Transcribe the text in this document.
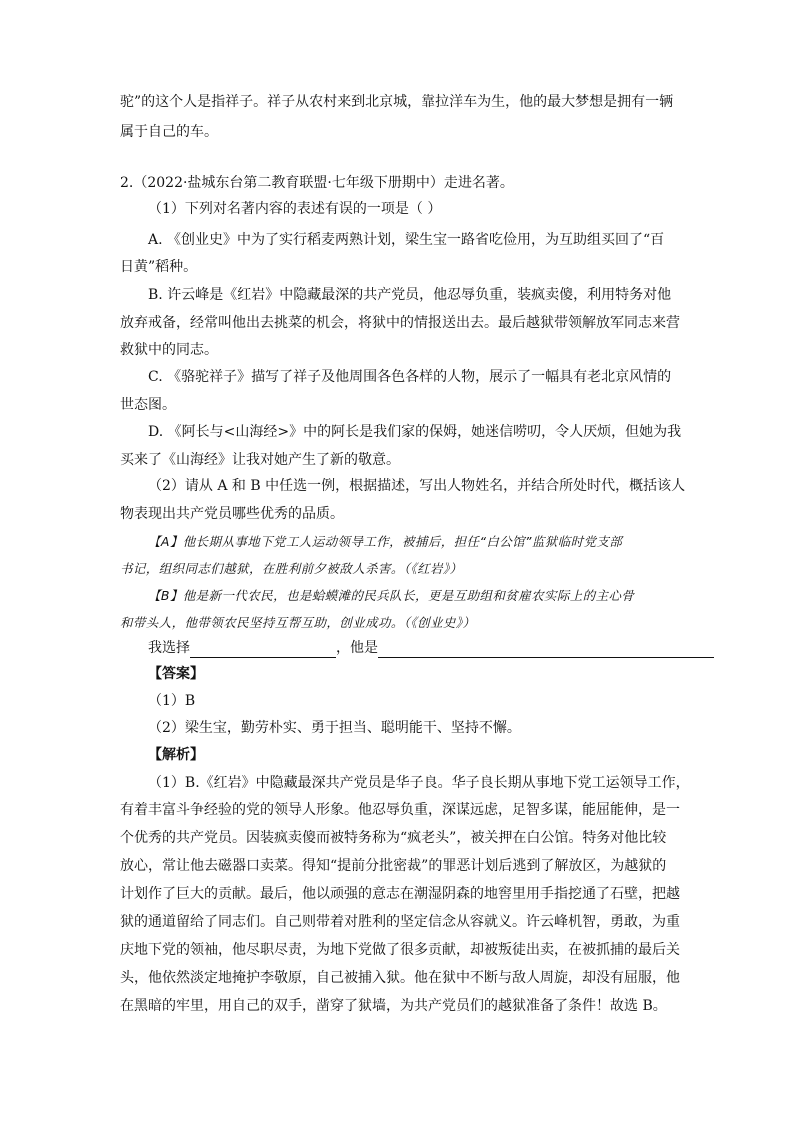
驼”的这个人是指祥子。祥子从农村来到北京城，靠拉洋车为生，他的最大梦想是拥有一辆
属于自己的车。
2.（2022·盐城东台第二教育联盟·七年级下册期中）走进名著。
（1）下列对名著内容的表述有误的一项是（ ）
A. 《创业史》中为了实行稻麦两熟计划，梁生宝一路省吃俭用，为互助组买回了“百
日黄”稻种。
B. 许云峰是《红岩》中隐藏最深的共产党员，他忍辱负重，装疯卖傻，利用特务对他
放弃戒备，经常叫他出去挑菜的机会，将狱中的情报送出去。最后越狱带领解放军同志来营
救狱中的同志。
C. 《骆驼祥子》描写了祥子及他周围各色各样的人物，展示了一幅具有老北京风情的
世态图。
D. 《阿长与<山海经>》中的阿长是我们家的保姆，她迷信唠叨，令人厌烦，但她为我
买来了《山海经》让我对她产生了新的敬意。
（2）请从 A 和 B 中任选一例，根据描述，写出人物姓名，并结合所处时代，概括该人
物表现出共产党员哪些优秀的品质。
【A】他长期从事地下党工人运动领导工作，被捕后，担任“白公馆”监狱临时党支部
书记，组织同志们越狱，在胜利前夕被敌人杀害。（《红岩》）
【B】他是新一代农民，也是蛤蟆滩的民兵队长，更是互助组和贫雇农实际上的主心骨
和带头人，他带领农民坚持互帮互助，创业成功。（《创业史》）
我选择	，他是
【答案】
（1）B
（2）梁生宝，勤劳朴实、勇于担当、聪明能干、坚持不懈。
【解析】
（1）B.《红岩》中隐藏最深共产党员是华子良。华子良长期从事地下党工运领导工作，
有着丰富斗争经验的党的领导人形象。他忍辱负重，深谋远虑，足智多谋，能屈能伸，是一
个优秀的共产党员。因装疯卖傻而被特务称为“疯老头”，被关押在白公馆。特务对他比较
放心，常让他去磁器口卖菜。得知“提前分批密裁”的罪恶计划后逃到了解放区，为越狱的
计划作了巨大的贡献。最后，他以顽强的意志在潮湿阴森的地窖里用手指挖通了石壁，把越
狱的通道留给了同志们。自己则带着对胜利的坚定信念从容就义。许云峰机智，勇敢，为重
庆地下党的领袖，他尽职尽责，为地下党做了很多贡献，却被叛徒出卖，在被抓捕的最后关
头，他依然淡定地掩护李敬原，自己被捕入狱。他在狱中不断与敌人周旋，却没有屈服，他
在黑暗的牢里，用自己的双手，凿穿了狱墙，为共产党员们的越狱准备了条件！故选 B。
